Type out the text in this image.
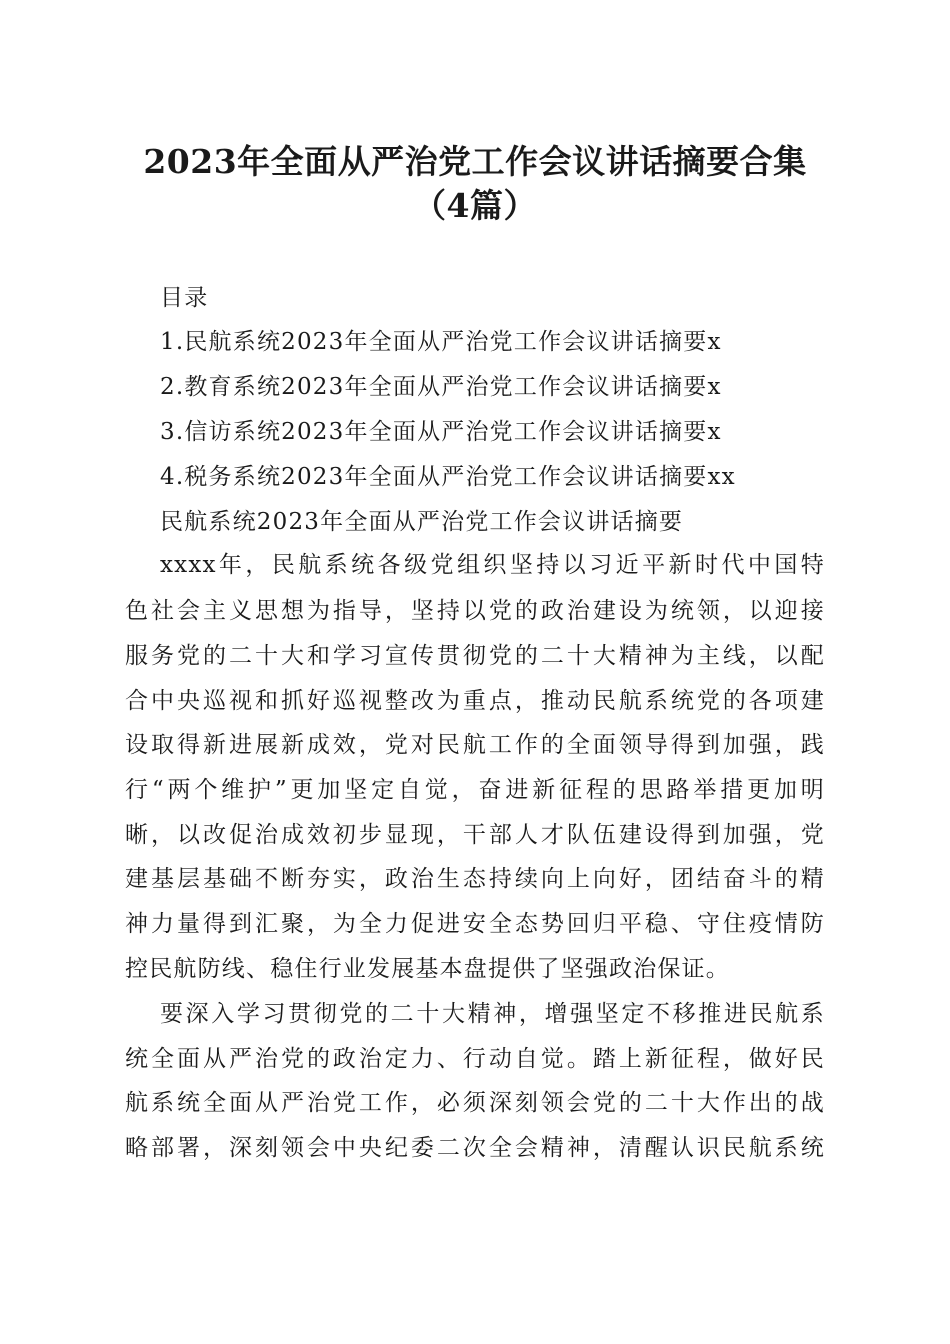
2023年全面从严治党工作会议讲话摘要合集
（4篇）
目录
1.民航系统2023年全面从严治党工作会议讲话摘要x
2.教育系统2023年全面从严治党工作会议讲话摘要x
3.信访系统2023年全面从严治党工作会议讲话摘要x
4.税务系统2023年全面从严治党工作会议讲话摘要xx
民航系统2023年全面从严治党工作会议讲话摘要
xxxx年，民航系统各级党组织坚持以习近平新时代中国特
色社会主义思想为指导，坚持以党的政治建设为统领，以迎接
服务党的二十大和学习宣传贯彻党的二十大精神为主线，以配
合中央巡视和抓好巡视整改为重点，推动民航系统党的各项建
设取得新进展新成效，党对民航工作的全面领导得到加强，践
行“两个维护”更加坚定自觉，奋进新征程的思路举措更加明
晰，以改促治成效初步显现，干部人才队伍建设得到加强，党
建基层基础不断夯实，政治生态持续向上向好，团结奋斗的精
神力量得到汇聚，为全力促进安全态势回归平稳、守住疫情防
控民航防线、稳住行业发展基本盘提供了坚强政治保证。
要深入学习贯彻党的二十大精神，增强坚定不移推进民航系
统全面从严治党的政治定力、行动自觉。踏上新征程，做好民
航系统全面从严治党工作，必须深刻领会党的二十大作出的战
略部署，深刻领会中央纪委二次全会精神，清醒认识民航系统
